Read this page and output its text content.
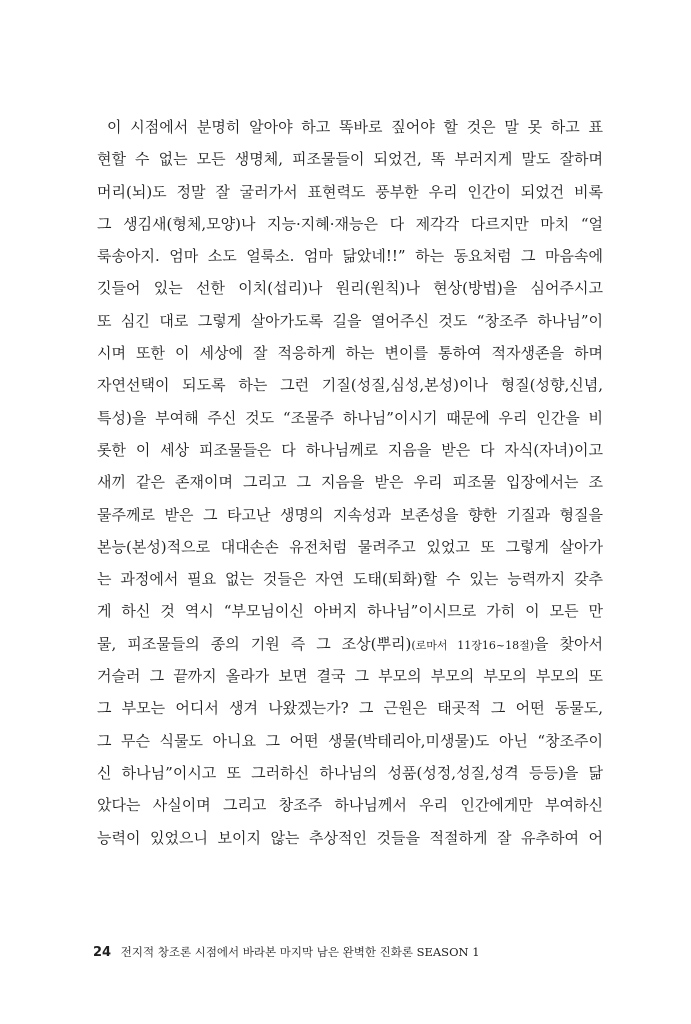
이 시점에서 분명히 알아야 하고 똑바로 짚어야 할 것은 말 못 하고 표
현할 수 없는 모든 생명체, 피조물들이 되었건, 똑 부러지게 말도 잘하며
머리(뇌)도 정말 잘 굴러가서 표현력도 풍부한 우리 인간이 되었건 비록
그 생김새(형체,모양)나 지능·지혜·재능은 다 제각각 다르지만 마치 “얼
룩송아지. 엄마 소도 얼룩소. 엄마 닮았네!!” 하는 동요처럼 그 마음속에
깃들어 있는 선한 이치(섭리)나 원리(원칙)나 현상(방법)을 심어주시고
또 심긴 대로 그렇게 살아가도록 길을 열어주신 것도 “창조주 하나님”이
시며 또한 이 세상에 잘 적응하게 하는 변이를 통하여 적자생존을 하며
자연선택이 되도록 하는 그런 기질(성질,심성,본성)이나 형질(성향,신념,
특성)을 부여해 주신 것도 “조물주 하나님”이시기 때문에 우리 인간을 비
롯한 이 세상 피조물들은 다 하나님께로 지음을 받은 다 자식(자녀)이고
새끼 같은 존재이며 그리고 그 지음을 받은 우리 피조물 입장에서는 조
물주께로 받은 그 타고난 생명의 지속성과 보존성을 향한 기질과 형질을
본능(본성)적으로 대대손손 유전처럼 물려주고 있었고 또 그렇게 살아가
는 과정에서 필요 없는 것들은 자연 도태(퇴화)할 수 있는 능력까지 갖추
게 하신 것 역시 “부모님이신 아버지 하나님”이시므로 가히 이 모든 만
물, 피조물들의 종의 기원 즉 그 조상(뿌리)(로마서 11장16~18절)을 찾아서
거슬러 그 끝까지 올라가 보면 결국 그 부모의 부모의 부모의 부모의 또
그 부모는 어디서 생겨 나왔겠는가? 그 근원은 태곳적 그 어떤 동물도,
그 무슨 식물도 아니요 그 어떤 생물(박테리아,미생물)도 아닌 “창조주이
신 하나님”이시고 또 그러하신 하나님의 성품(성정,성질,성격 등등)을 닮
았다는 사실이며 그리고 창조주 하나님께서 우리 인간에게만 부여하신
능력이 있었으니 보이지 않는 추상적인 것들을 적절하게 잘 유추하여 어
24 전지적 창조론 시점에서 바라본 마지막 남은 완벽한 진화론 SEASON 1
